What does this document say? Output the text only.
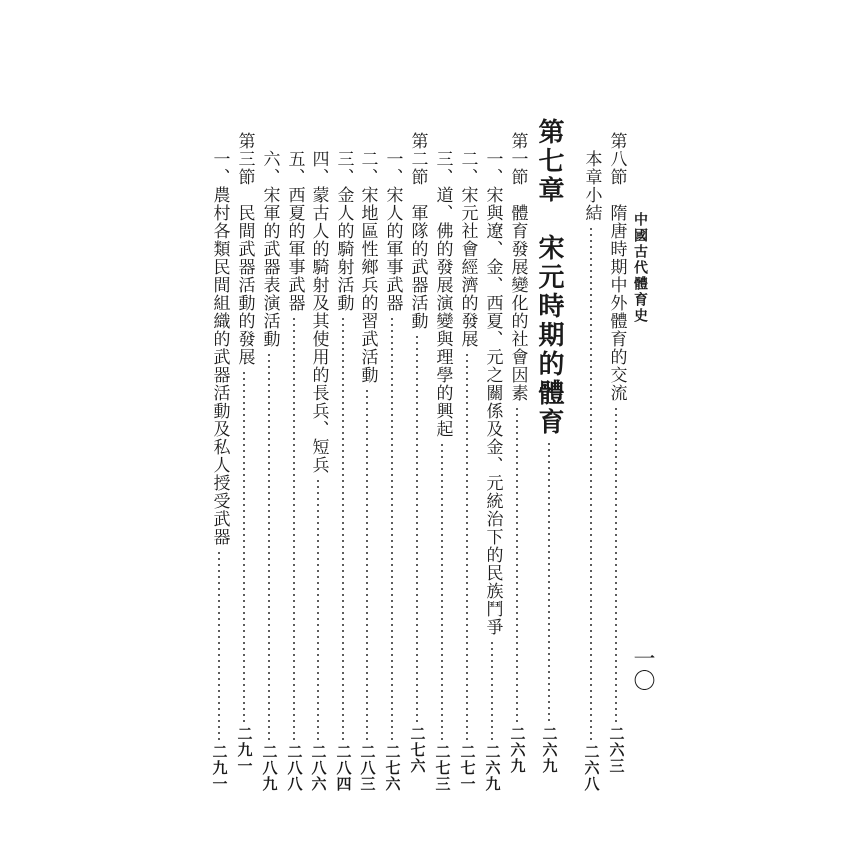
中國古代體育史
一〇
第八節　隋唐時期中外體育的交流
二六三
本章小結
二六八
第七章　宋元時期的體育
二六九
第一節　體育發展變化的社會因素
二六九
一、宋與遼、金、西夏、元之關係及金、元統治下的民族鬥爭
二六九
二、宋元社會經濟的發展
二七一
三、道、佛的發展演變與理學的興起
二七三
第二節　軍隊的武器活動
二七六
一、宋人的軍事武器
二七六
二、宋地區性鄉兵的習武活動
二八三
三、金人的騎射活動
二八四
四、蒙古人的騎射及其使用的長兵、短兵
二八六
五、西夏的軍事武器
二八八
六、宋軍的武器表演活動
二八九
第三節　民間武器活動的發展
二九一
一、農村各類民間組織的武器活動及私人授受武器
二九一
